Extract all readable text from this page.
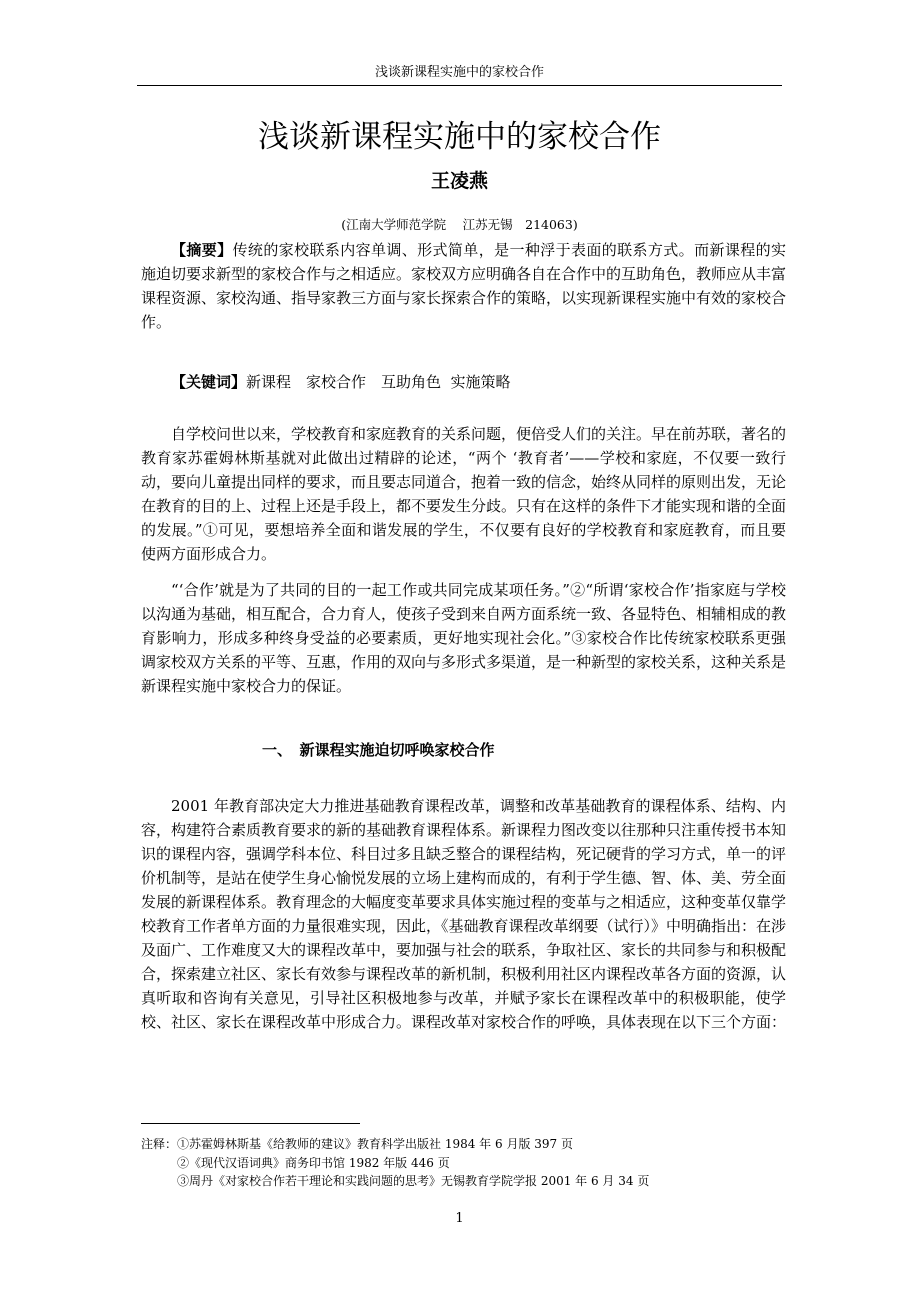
浅谈新课程实施中的家校合作
浅谈新课程实施中的家校合作
王凌燕
(江南大学师范学院　 江苏无锡　214063)
【摘要】传统的家校联系内容单调、形式简单，是一种浮于表面的联系方式。而新课程的实施迫切要求新型的家校合作与之相适应。家校双方应明确各自在合作中的互助角色，教师应从丰富课程资源、家校沟通、指导家教三方面与家长探索合作的策略，以实现新课程实施中有效的家校合作。
【关键词】新课程　家校合作　互助角色  实施策略

自学校问世以来，学校教育和家庭教育的关系问题，便倍受人们的关注。早在前苏联，著名的教育家苏霍姆林斯基就对此做出过精辟的论述，“两个 ‘教育者’——学校和家庭，不仅要一致行动，要向儿童提出同样的要求，而且要志同道合，抱着一致的信念，始终从同样的原则出发，无论在教育的目的上、过程上还是手段上，都不要发生分歧。只有在这样的条件下才能实现和谐的全面的发展。”①可见，要想培养全面和谐发展的学生，不仅要有良好的学校教育和家庭教育，而且要使两方面形成合力。

“‘合作’就是为了共同的目的一起工作或共同完成某项任务。”②“所谓‘家校合作’指家庭与学校以沟通为基础，相互配合，合力育人，使孩子受到来自两方面系统一致、各显特色、相辅相成的教育影响力，形成多种终身受益的必要素质，更好地实现社会化。”③家校合作比传统家校联系更强调家校双方关系的平等、互惠，作用的双向与多形式多渠道，是一种新型的家校关系，这种关系是新课程实施中家校合力的保证。

一、　新课程实施迫切呼唤家校合作

2001 年教育部决定大力推进基础教育课程改革，调整和改革基础教育的课程体系、结构、内容，构建符合素质教育要求的新的基础教育课程体系。新课程力图改变以往那种只注重传授书本知识的课程内容，强调学科本位、科目过多且缺乏整合的课程结构，死记硬背的学习方式，单一的评价机制等，是站在使学生身心愉悦发展的立场上建构而成的，有利于学生德、智、体、美、劳全面发展的新课程体系。教育理念的大幅度变革要求具体实施过程的变革与之相适应，这种变革仅靠学校教育工作者单方面的力量很难实现，因此，《基础教育课程改革纲要（试行）》中明确指出：在涉及面广、工作难度又大的课程改革中，要加强与社会的联系，争取社区、家长的共同参与和积极配合，探索建立社区、家长有效参与课程改革的新机制，积极利用社区内课程改革各方面的资源，认真听取和咨询有关意见，引导社区积极地参与改革，并赋予家长在课程改革中的积极职能，使学校、社区、家长在课程改革中形成合力。课程改革对家校合作的呼唤，具体表现在以下三个方面：

注释：①苏霍姆林斯基《给教师的建议》教育科学出版社 1984 年 6 月版 397 页
②《现代汉语词典》商务印书馆 1982 年版 446 页
③周丹《对家校合作若干理论和实践问题的思考》无锡教育学院学报 2001 年 6 月 34 页
1
